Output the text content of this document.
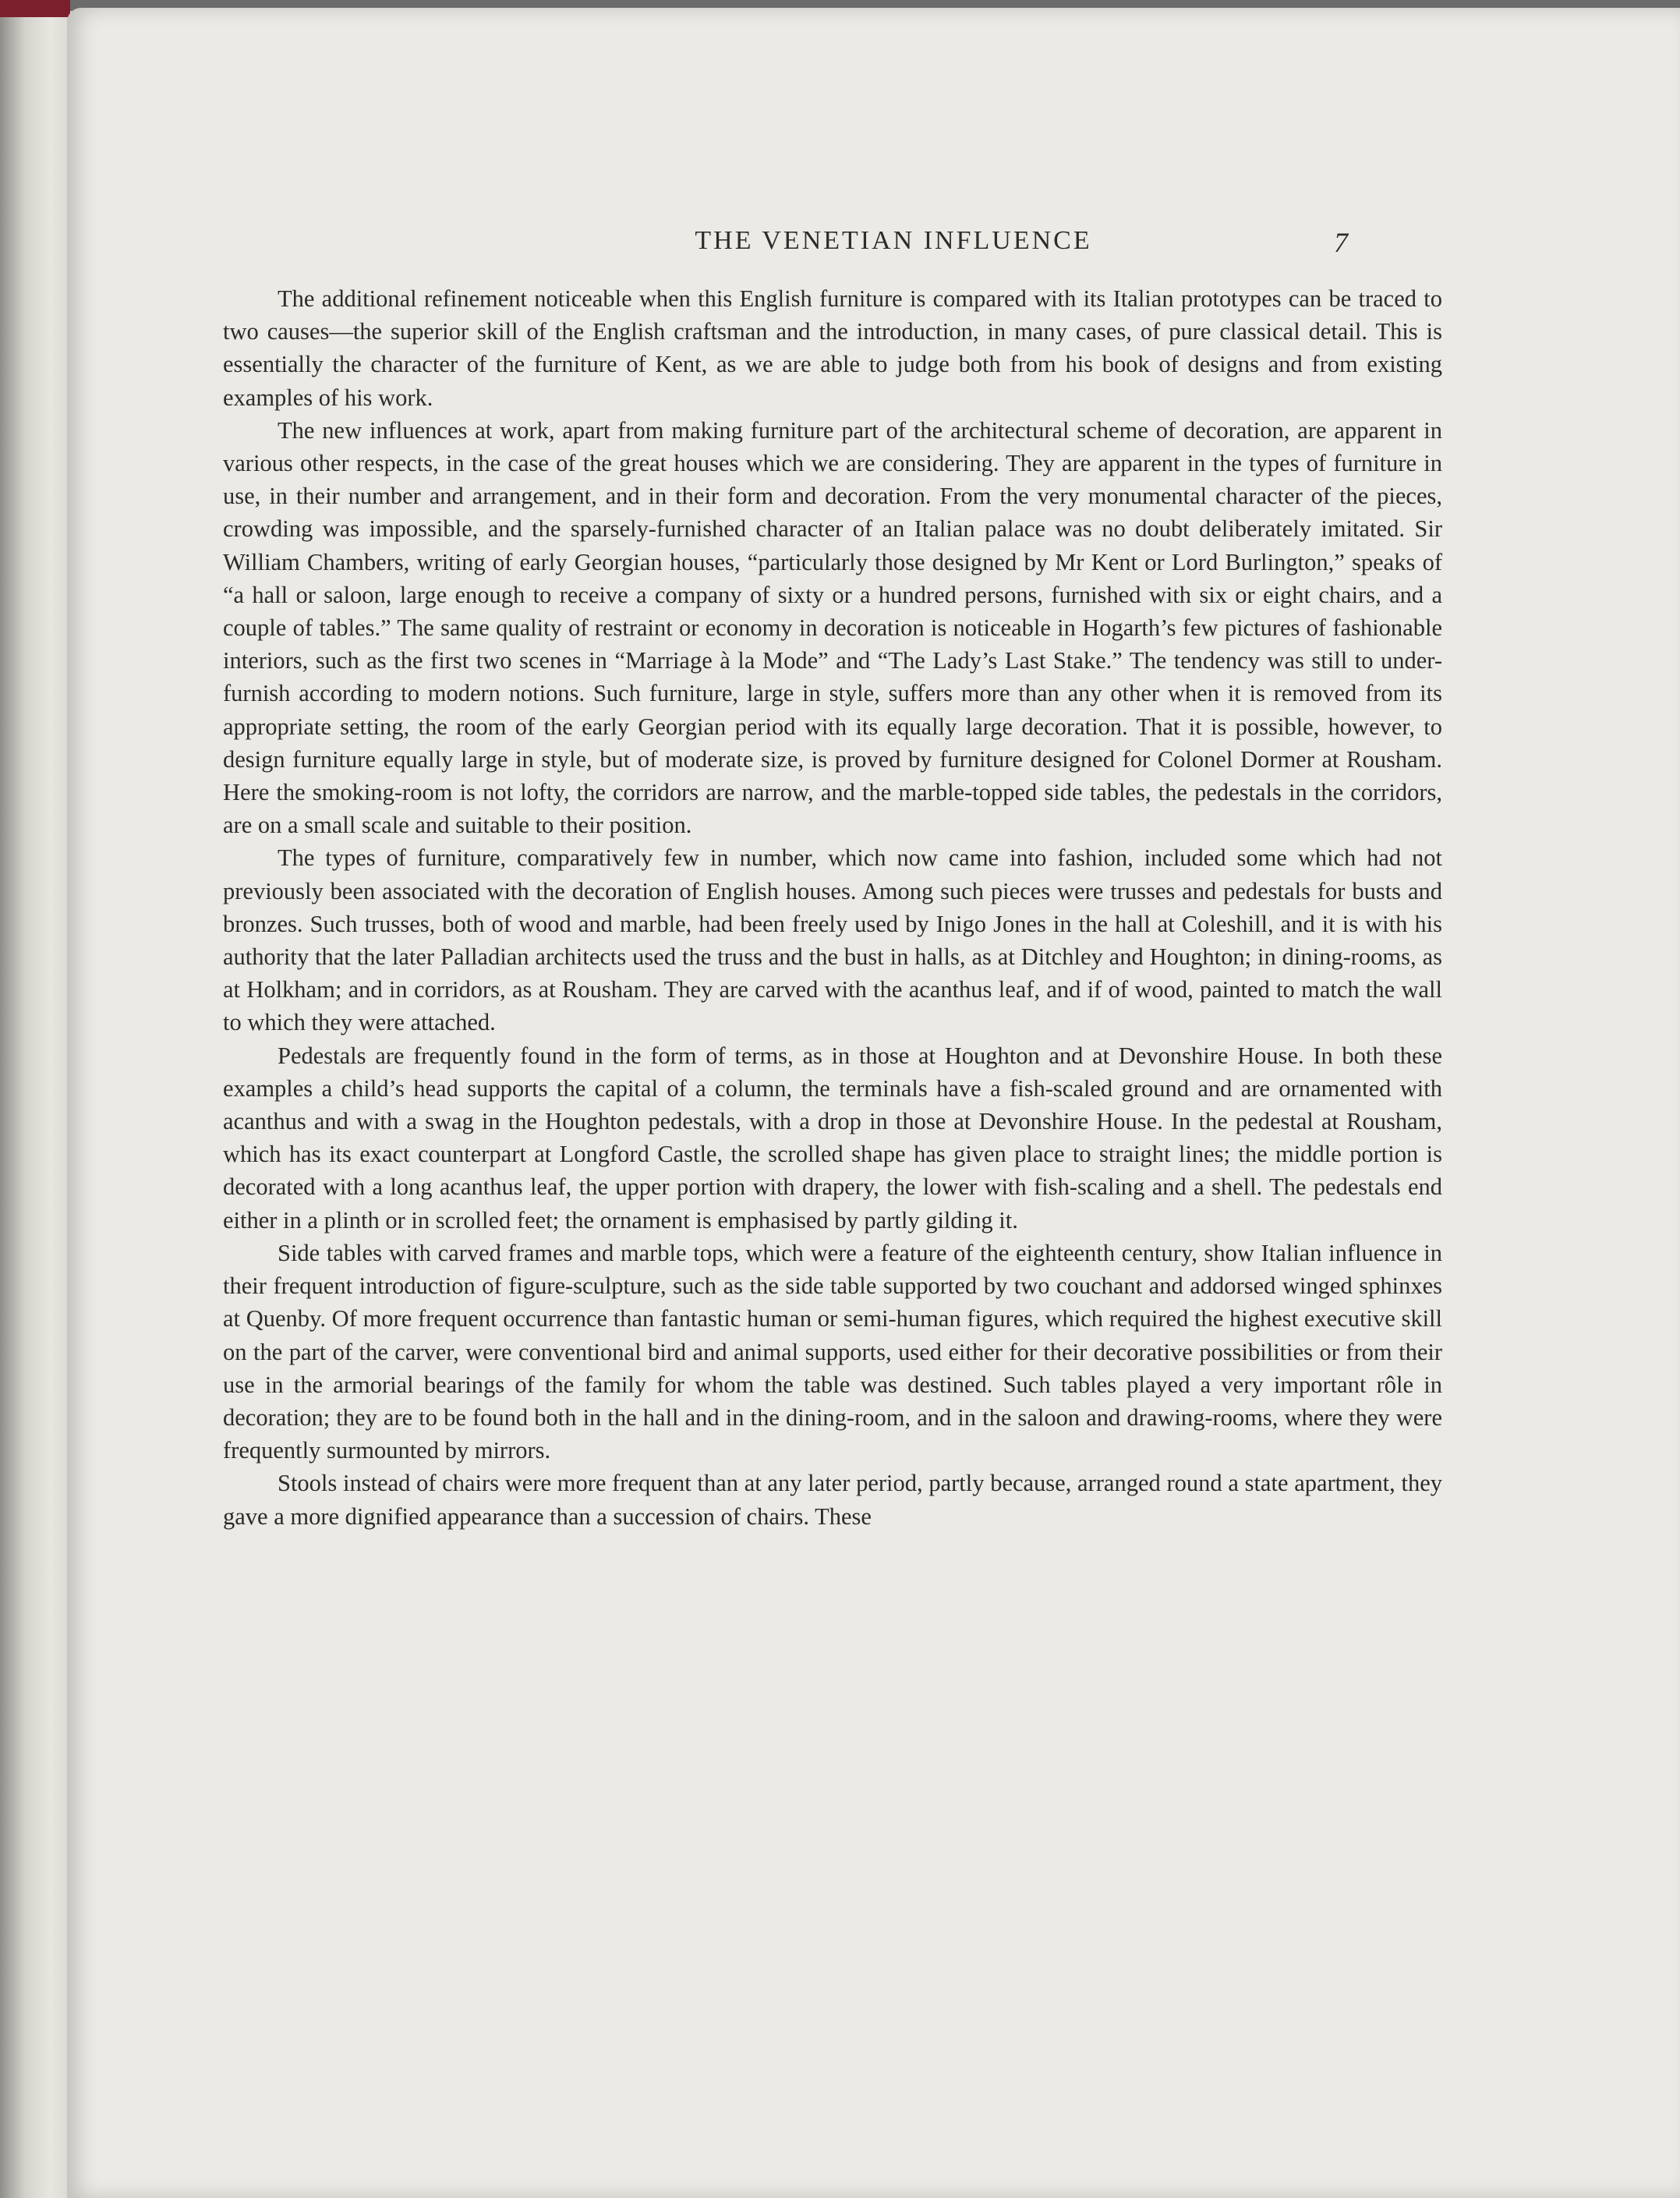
THE VENETIAN INFLUENCE	7

The additional refinement noticeable when this English furniture is compared with its Italian prototypes can be traced to two causes—the superior skill of the English craftsman and the introduction, in many cases, of pure classical detail. This is essentially the character of the furniture of Kent, as we are able to judge both from his book of designs and from existing examples of his work.

The new influences at work, apart from making furniture part of the architectural scheme of decoration, are apparent in various other respects, in the case of the great houses which we are considering. They are apparent in the types of furniture in use, in their number and arrangement, and in their form and decoration. From the very monumental character of the pieces, crowding was impossible, and the sparsely-furnished character of an Italian palace was no doubt deliberately imitated. Sir William Chambers, writing of early Georgian houses, “particularly those designed by Mr Kent or Lord Burlington,” speaks of “a hall or saloon, large enough to receive a company of sixty or a hundred persons, furnished with six or eight chairs, and a couple of tables.” The same quality of restraint or economy in decoration is noticeable in Hogarth’s few pictures of fashionable interiors, such as the first two scenes in “Marriage à la Mode” and “The Lady’s Last Stake.” The tendency was still to under-furnish according to modern notions. Such furniture, large in style, suffers more than any other when it is removed from its appropriate setting, the room of the early Georgian period with its equally large decoration. That it is possible, however, to design furniture equally large in style, but of moderate size, is proved by furniture designed for Colonel Dormer at Rousham. Here the smoking-room is not lofty, the corridors are narrow, and the marble-topped side tables, the pedestals in the corridors, are on a small scale and suitable to their position.

The types of furniture, comparatively few in number, which now came into fashion, included some which had not previously been associated with the decoration of English houses. Among such pieces were trusses and pedestals for busts and bronzes. Such trusses, both of wood and marble, had been freely used by Inigo Jones in the hall at Coleshill, and it is with his authority that the later Palladian architects used the truss and the bust in halls, as at Ditchley and Houghton; in dining-rooms, as at Holkham; and in corridors, as at Rousham. They are carved with the acanthus leaf, and if of wood, painted to match the wall to which they were attached.

Pedestals are frequently found in the form of terms, as in those at Houghton and at Devonshire House. In both these examples a child’s head supports the capital of a column, the terminals have a fish-scaled ground and are ornamented with acanthus and with a swag in the Houghton pedestals, with a drop in those at Devonshire House. In the pedestal at Rousham, which has its exact counterpart at Longford Castle, the scrolled shape has given place to straight lines; the middle portion is decorated with a long acanthus leaf, the upper portion with drapery, the lower with fish-scaling and a shell. The pedestals end either in a plinth or in scrolled feet; the ornament is emphasised by partly gilding it.

Side tables with carved frames and marble tops, which were a feature of the eighteenth century, show Italian influence in their frequent introduction of figure-sculpture, such as the side table supported by two couchant and addorsed winged sphinxes at Quenby. Of more frequent occurrence than fantastic human or semi-human figures, which required the highest executive skill on the part of the carver, were conventional bird and animal supports, used either for their decorative possibilities or from their use in the armorial bearings of the family for whom the table was destined. Such tables played a very important rôle in decoration; they are to be found both in the hall and in the dining-room, and in the saloon and drawing-rooms, where they were frequently surmounted by mirrors.

Stools instead of chairs were more frequent than at any later period, partly because, arranged round a state apartment, they gave a more dignified appearance than a succession of chairs. These
